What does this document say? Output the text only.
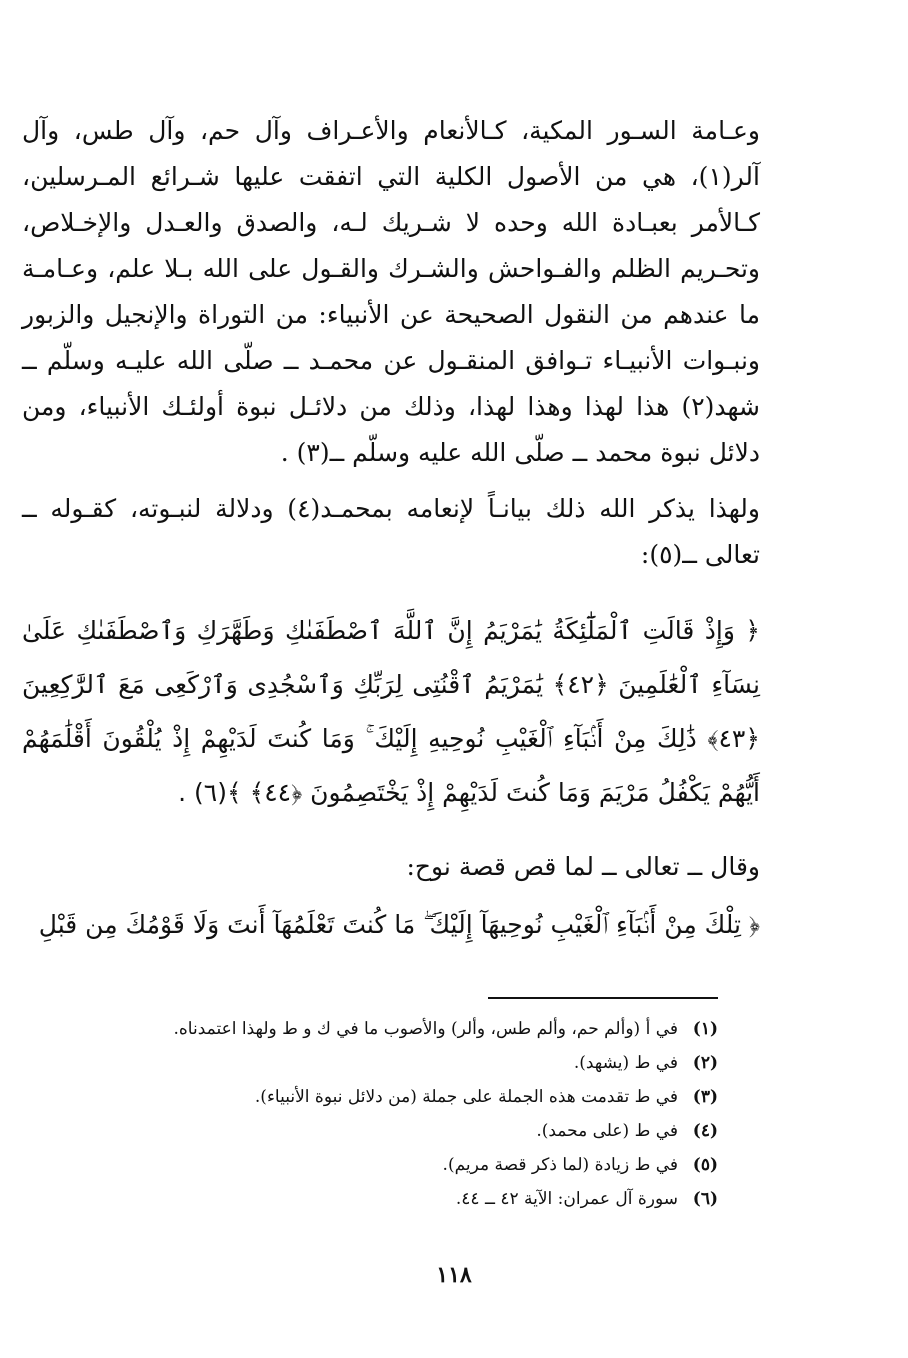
وعـامة السـور المكية، كـالأنعام والأعـراف وآل حم، وآل طس، وآل آلر(١)، هي من الأصول الكلية التي اتفقت عليها شـرائع المـرسلين، كـالأمر بعبـادة الله وحده لا شـريك لـه، والصدق والعـدل والإخـلاص، وتحـريم الظلم والفـواحش والشـرك والقـول على الله بـلا علم، وعـامـة ما عندهم من النقول الصحيحة عن الأنبياء: من التوراة والإنجيل والزبور ونبـوات الأنبيـاء تـوافق المنقـول عن محمـد ــ صلّى الله عليـه وسلّم ــ شهد(٢) هذا لهذا وهذا لهذا، وذلك من دلائـل نبوة أولئـك الأنبياء، ومن دلائل نبوة محمد ــ صلّى الله عليه وسلّم ــ(٣) .

ولهذا يذكر الله ذلك بيانـاً لإنعامه بمحمـد(٤) ودلالة لنبـوته، كقـوله ــ تعالى ــ(٥):

﴿ وَإِذْ قَالَتِ ٱلْمَلَٰٓئِكَةُ يَٰمَرْيَمُ إِنَّ ٱللَّهَ ٱصْطَفَىٰكِ وَطَهَّرَكِ وَٱصْطَفَىٰكِ عَلَىٰ نِسَآءِ ٱلْعَٰلَمِينَ ﴿٤٢﴾ يَٰمَرْيَمُ ٱقْنُتِى لِرَبِّكِ وَٱسْجُدِى وَٱرْكَعِى مَعَ ٱلرَّٰكِعِينَ ﴿٤٣﴾ ذَٰلِكَ مِنْ أَنۢبَآءِ ٱلْغَيْبِ نُوحِيهِ إِلَيْكَ ۚ وَمَا كُنتَ لَدَيْهِمْ إِذْ يُلْقُونَ أَقْلَٰمَهُمْ أَيُّهُمْ يَكْفُلُ مَرْيَمَ وَمَا كُنتَ لَدَيْهِمْ إِذْ يَخْتَصِمُونَ ﴿٤٤﴾ ﴾(٦) .

وقال ــ تعالى ــ لما قص قصة نوح:

﴿ تِلْكَ مِنْ أَنۢبَآءِ ٱلْغَيْبِ نُوحِيهَآ إِلَيْكَ ۖ مَا كُنتَ تَعْلَمُهَآ أَنتَ وَلَا قَوْمُكَ مِن قَبْلِ

(١)في أ (وألم حم، وألم طس، وألر) والأصوب ما في ك و ط ولهذا اعتمدناه.
(٢)في ط (يشهد).
(٣)في ط تقدمت هذه الجملة على جملة (من دلائل نبوة الأنبياء).
(٤)في ط (على محمد).
(٥)في ط زيادة (لما ذكر قصة مريم).
(٦)سورة آل عمران: الآية ٤٢ ــ ٤٤.
١١٨
